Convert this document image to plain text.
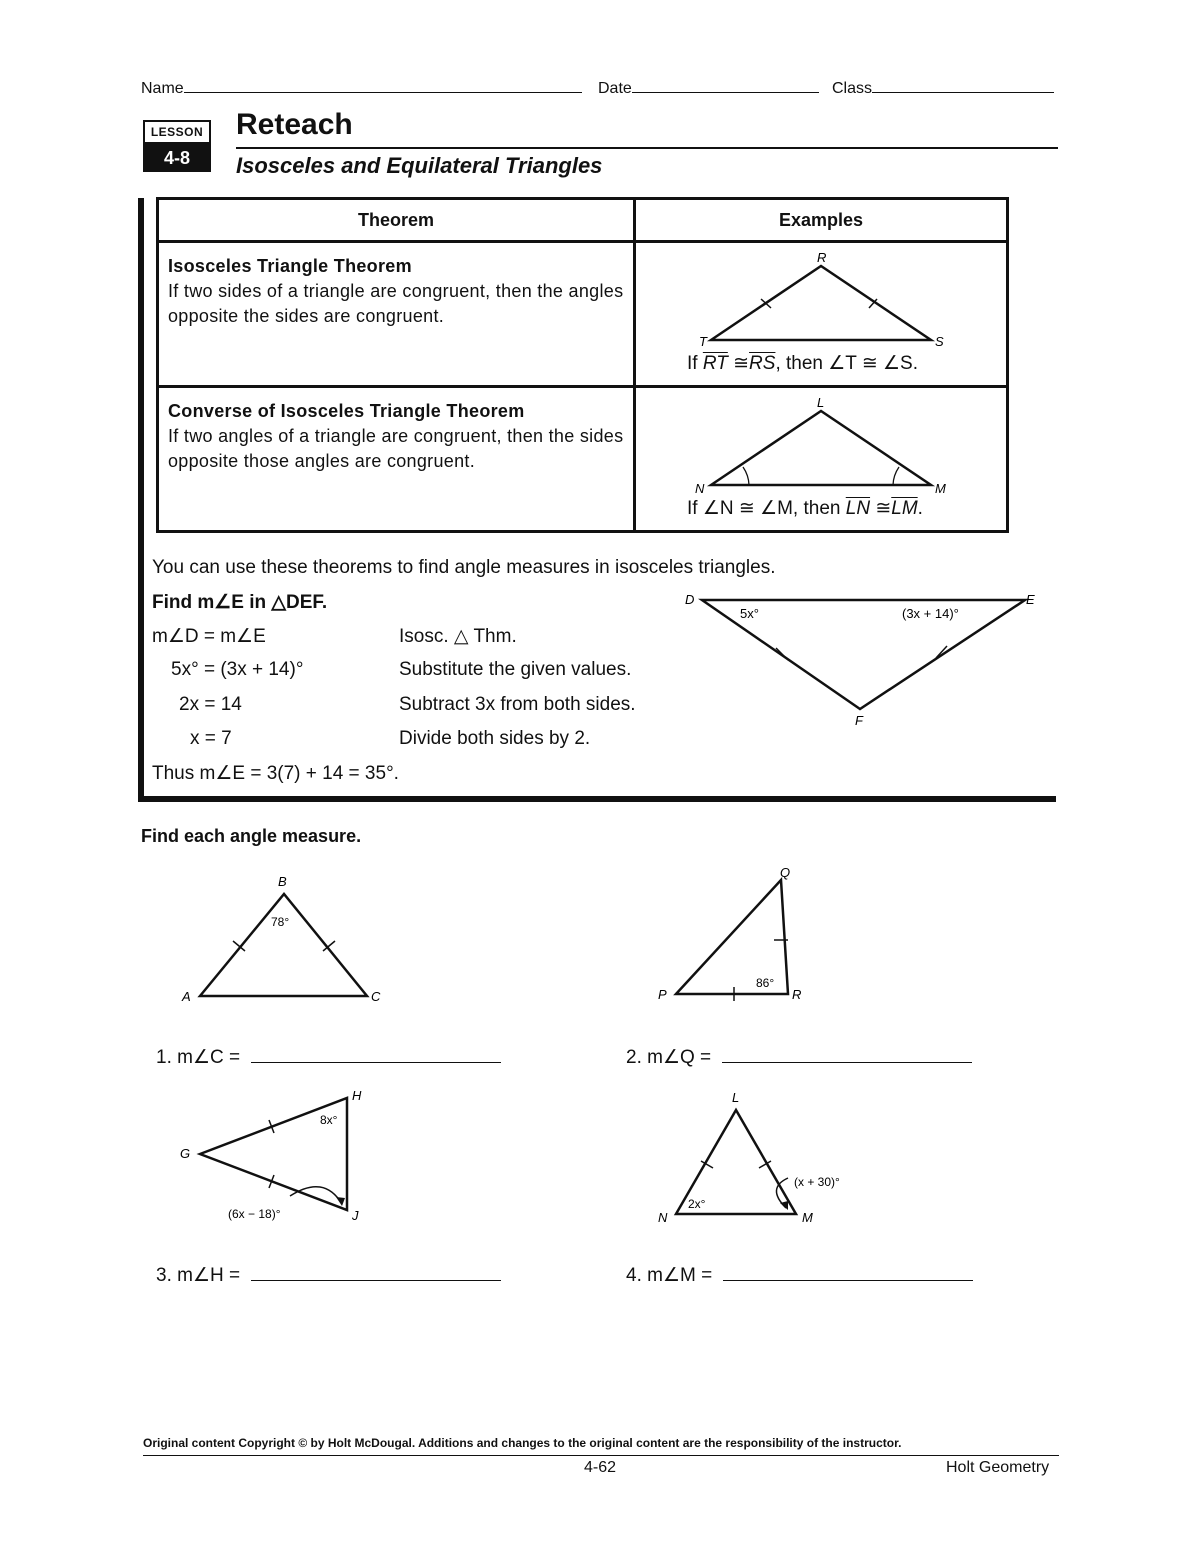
Name	Date	Class
LESSON
4-8
Reteach
Isosceles and Equilateral Triangles
Theorem	Examples

Isosceles Triangle Theorem
If two sides of a triangle are congruent, then the angles opposite the sides are congruent.	R
T S
If $\overline{RT}$ $≅\overline{RS}$, then ∠T ≅ ∠S.

Converse of Isosceles Triangle Theorem
If two angles of a triangle are congruent, then the sides opposite those angles are congruent.	L
N M
If ∠N ≅ ∠M, then $\overline{LN}$ $≅\overline{LM}$.
You can use these theorems to find angle measures in isosceles triangles.
Find m∠E in △DEF.
m∠D = m∠E	Isosc. △ Thm.
5x° = (3x + 14)°	Substitute the given values.
2x = 14	Subtract 3x from both sides.
x = 7	Divide both sides by 2.
Thus m∠E = 3(7) + 14 = 35°.
D	E
F
5x°	(3x + 14)°
Find each angle measure.
B
A	C
78°
Q
P	R
86°
1. m∠C =	2. m∠Q =
H
G
J
8x°
(6x − 18)°
L
N	M
2x°
(x + 30)°
3. m∠H =	4. m∠M =
Original content Copyright © by Holt McDougal. Additions and changes to the original content are the responsibility of the instructor.
4-62	Holt Geometry
